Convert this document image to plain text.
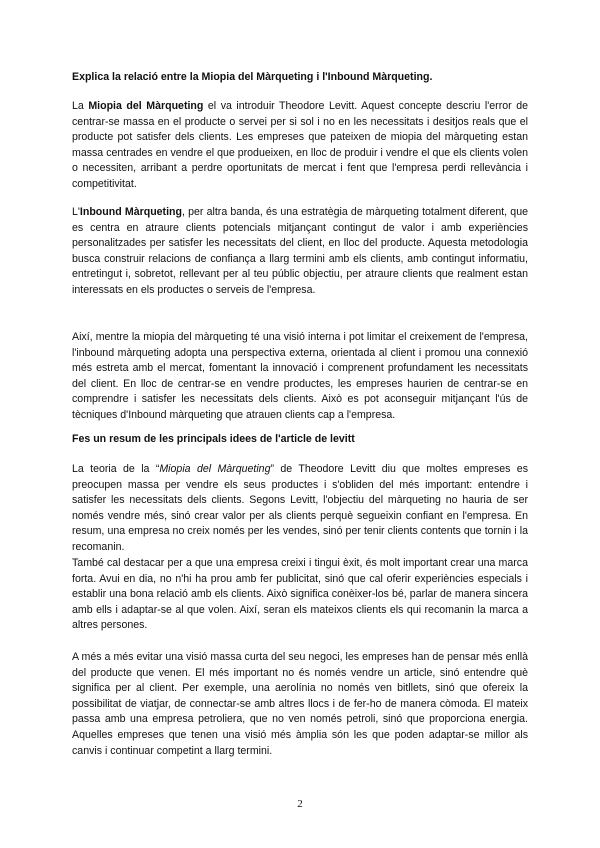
Explica la relació entre la Miopia del Màrqueting i l'Inbound Màrqueting.

La Miopia del Màrqueting el va introduir Theodore Levitt. Aquest concepte descriu l'error de centrar-se massa en el producte o servei per si sol i no en les necessitats i desitjos reals que el producte pot satisfer dels clients. Les empreses que pateixen de miopia del màrqueting estan massa centrades en vendre el que produeixen, en lloc de produir i vendre el que els clients volen o necessiten, arribant a perdre oportunitats de mercat i fent que l'empresa perdi rellevància i competitivitat.

L'Inbound Màrqueting, per altra banda, és una estratègia de màrqueting totalment diferent, que es centra en atraure clients potencials mitjançant contingut de valor i amb experiències personalitzades per satisfer les necessitats del client, en lloc del producte. Aquesta metodologia busca construir relacions de confiança a llarg termini amb els clients, amb contingut informatiu, entretingut i, sobretot, rellevant per al teu públic objectiu, per atraure clients que realment estan interessats en els productes o serveis de l'empresa.

Així, mentre la miopia del màrqueting té una visió interna i pot limitar el creixement de l'empresa, l'inbound màrqueting adopta una perspectiva externa, orientada al client i promou una connexió més estreta amb el mercat, fomentant la innovació i comprenent profundament les necessitats del client. En lloc de centrar-se en vendre productes, les empreses haurien de centrar-se en comprendre i satisfer les necessitats dels clients. Això es pot aconseguir mitjançant l'ús de tècniques d'Inbound màrqueting que atrauen clients cap a l'empresa.

Fes un resum de les principals idees de l'article de levitt

La teoria de la “Miopia del Màrqueting” de Theodore Levitt diu que moltes empreses es preocupen massa per vendre els seus productes i s'obliden del més important: entendre i satisfer les necessitats dels clients. Segons Levitt, l'objectiu del màrqueting no hauria de ser només vendre més, sinó crear valor per als clients perquè segueixin confiant en l'empresa. En resum, una empresa no creix només per les vendes, sinó per tenir clients contents que tornin i la recomanin.

També cal destacar per a que una empresa creixi i tingui èxit, és molt important crear una marca forta. Avui en dia, no n'hi ha prou amb fer publicitat, sinó que cal oferir experiències especials i establir una bona relació amb els clients. Això significa conèixer-los bé, parlar de manera sincera amb ells i adaptar-se al que volen. Així, seran els mateixos clients els qui recomanin la marca a altres persones.

A més a més evitar una visió massa curta del seu negoci, les empreses han de pensar més enllà del producte que venen. El més important no és només vendre un article, sinó entendre què significa per al client. Per exemple, una aerolínia no només ven bitllets, sinó que ofereix la possibilitat de viatjar, de connectar-se amb altres llocs i de fer-ho de manera còmoda. El mateix passa amb una empresa petroliera, que no ven només petroli, sinó que proporciona energia. Aquelles empreses que tenen una visió més àmplia són les que poden adaptar-se millor als canvis i continuar competint a llarg termini.

2
